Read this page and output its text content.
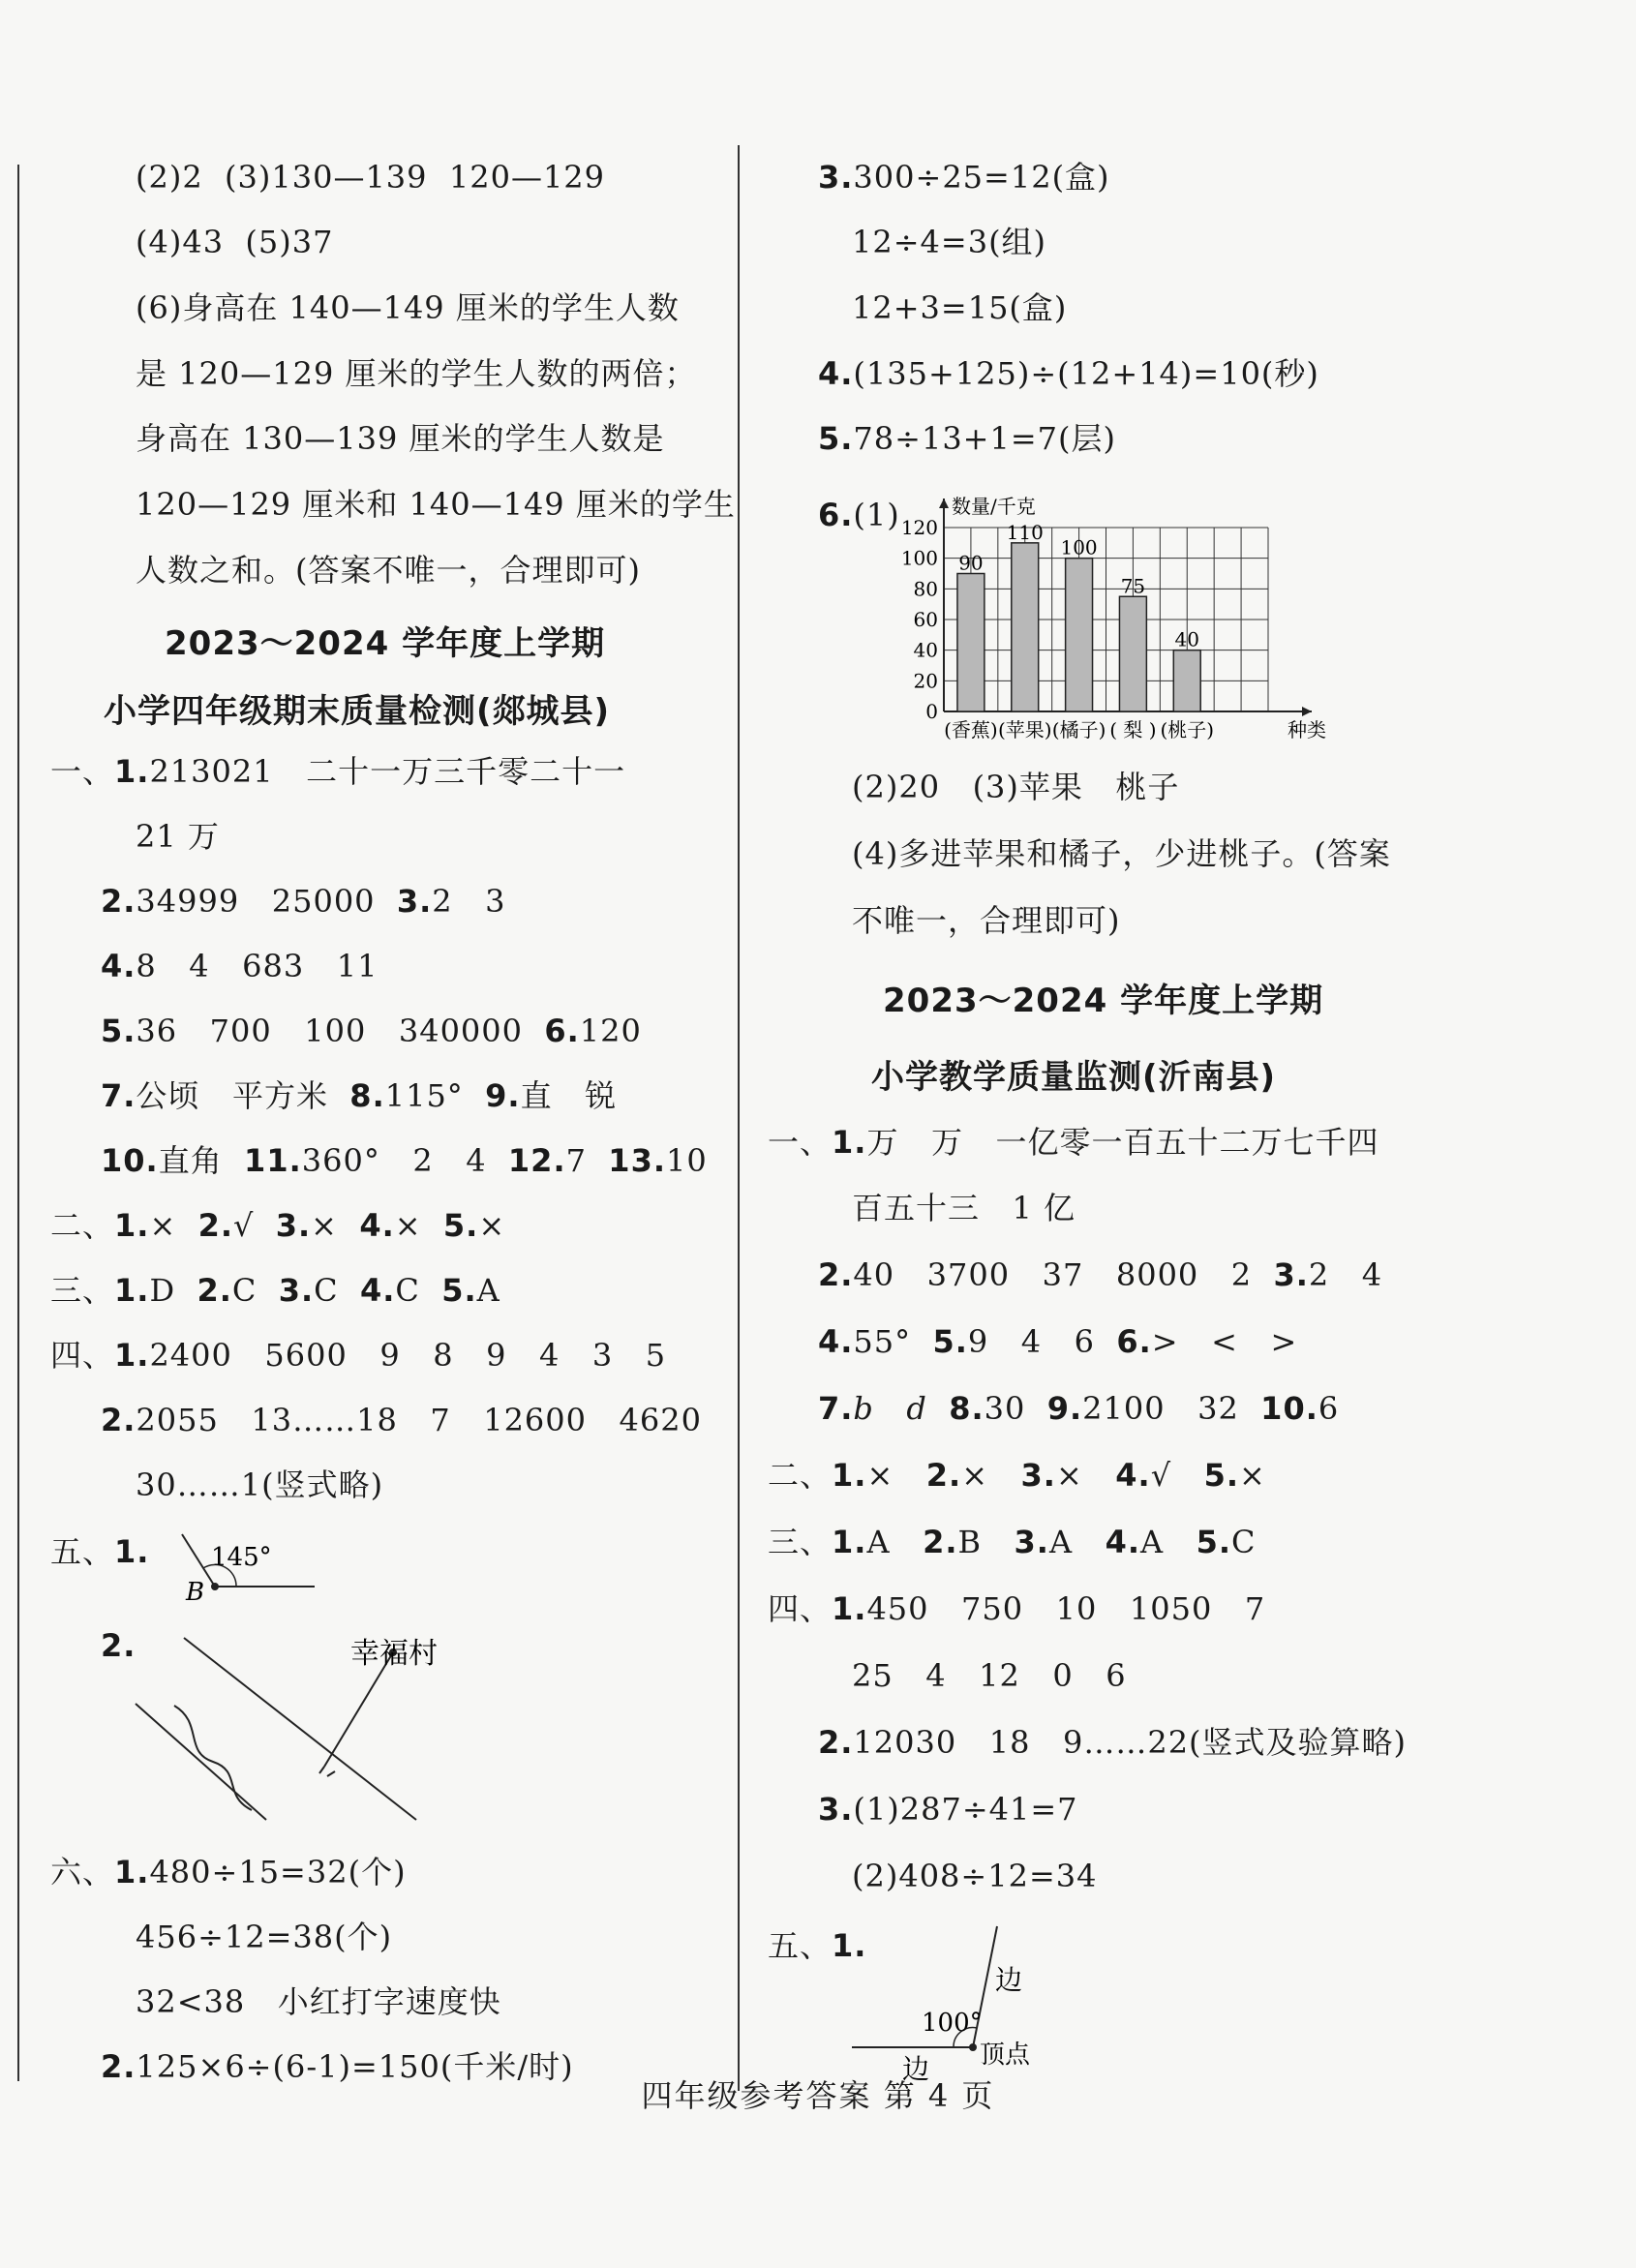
(2)2  (3)130—139  120—129
(4)43  (5)37
(6)身高在 140—149 厘米的学生人数
是 120—129 厘米的学生人数的两倍；
身高在 130—139 厘米的学生人数是
120—129 厘米和 140—149 厘米的学生
人数之和。(答案不唯一，合理即可)
2023～2024 学年度上学期
小学四年级期末质量检测(郯城县)
一、1.213021   二十一万三千零二十一
21 万
2.34999   25000  3.2   3
4.8   4   683   11
5.36   700   100   340000  6.120
7.公顷   平方米  8.115°  9.直   锐
10.直角  11.360°   2   4  12.7  13.10
二、1.×  2.√  3.×  4.×  5.×
三、1.D  2.C  3.C  4.C  5.A
四、1.2400   5600   9   8   9   4   3   5
2.2055   13……18   7   12600   4620
30……1(竖式略)
五、1. 145°
B
2.	幸福村
六、1.480÷15=32(个)
456÷12=38(个)
32<38   小红打字速度快
2.125×6÷(6-1)=150(千米/时)
3.300÷25=12(盒)
12÷4=3(组)
12+3=15(盒)
4.(135+125)÷(12+14)=10(秒)
5.78÷13+1=7(层)
6.(1)
0
20
40
60
80
100
120
数量/千克
种类
90
(香蕉)
110
(苹果)
100
(橘子)
75
( 梨 )
40
(桃子)
(2)20   (3)苹果   桃子
(4)多进苹果和橘子，少进桃子。(答案
不唯一，合理即可)
2023～2024 学年度上学期
小学教学质量监测(沂南县)
一、1.万   万   一亿零一百五十二万七千四
百五十三   1 亿
2.40   3700   37   8000   2  3.2   4
4.55°  5.9   4   6  6.>   <   >
7.b   d  8.30  9.2100   32  10.6
二、1.×   2.×   3.×   4.√   5.×
三、1.A   2.B   3.A   4.A   5.C
四、1.450   750   10   1050   7
25   4   12   0   6
2.12030   18   9……22(竖式及验算略)
3.(1)287÷41=7
(2)408÷12=34
五、1.
100°
边
边 顶点
四年级参考答案 第 4 页
